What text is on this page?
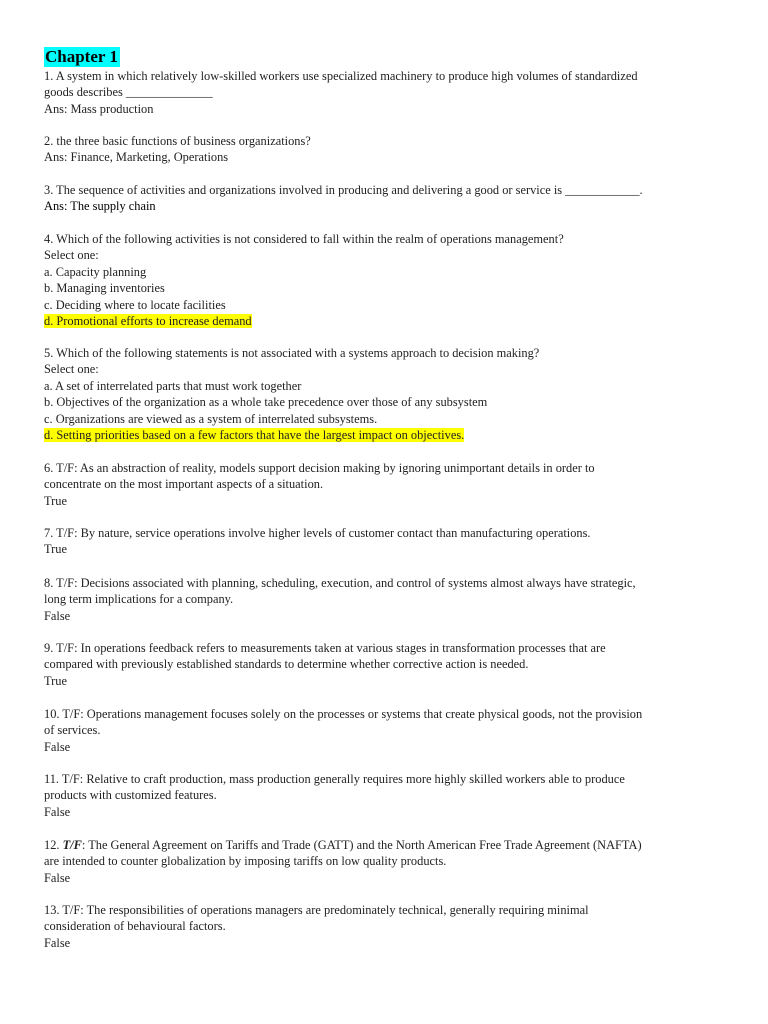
Chapter 1
1. A system in which relatively low-skilled workers use specialized machinery to produce high volumes of standardized
goods describes ______________
Ans: Mass production
2. the three basic functions of business organizations?
Ans: Finance, Marketing, Operations
3. The sequence of activities and organizations involved in producing and delivering a good or service is ____________.
Ans: The supply chain
4. Which of the following activities is not considered to fall within the realm of operations management?
Select one:
a. Capacity planning
b. Managing inventories
c. Deciding where to locate facilities
d. Promotional efforts to increase demand
5. Which of the following statements is not associated with a systems approach to decision making?
Select one:
a. A set of interrelated parts that must work together
b. Objectives of the organization as a whole take precedence over those of any subsystem
c. Organizations are viewed as a system of interrelated subsystems.
d. Setting priorities based on a few factors that have the largest impact on objectives.
6. T/F: As an abstraction of reality, models support decision making by ignoring unimportant details in order to
concentrate on the most important aspects of a situation.
True
7. T/F: By nature, service operations involve higher levels of customer contact than manufacturing operations.
True
8. T/F: Decisions associated with planning, scheduling, execution, and control of systems almost always have strategic,
long term implications for a company.
False
9. T/F: In operations feedback refers to measurements taken at various stages in transformation processes that are
compared with previously established standards to determine whether corrective action is needed.
True
10. T/F: Operations management focuses solely on the processes or systems that create physical goods, not the provision
of services.
False
11. T/F: Relative to craft production, mass production generally requires more highly skilled workers able to produce
products with customized features.
False
12. T/F: The General Agreement on Tariffs and Trade (GATT) and the North American Free Trade Agreement (NAFTA)
are intended to counter globalization by imposing tariffs on low quality products.
False
13. T/F: The responsibilities of operations managers are predominately technical, generally requiring minimal
consideration of behavioural factors.
False
